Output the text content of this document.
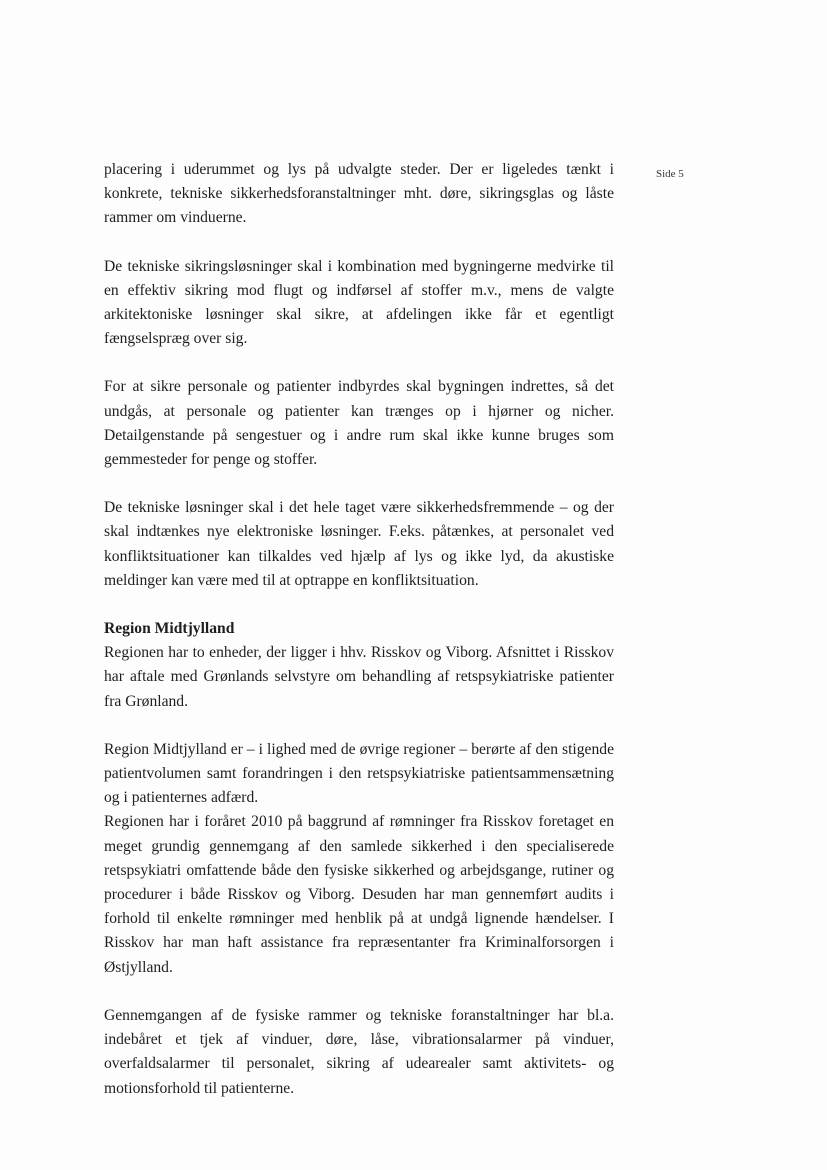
Side 5

placering i uderummet og lys på udvalgte steder. Der er ligeledes tænkt i konkrete, tekniske sikkerhedsforanstaltninger mht. døre, sikringsglas og låste rammer om vinduerne.

De tekniske sikringsløsninger skal i kombination med bygningerne medvirke til en effektiv sikring mod flugt og indførsel af stoffer m.v., mens de valgte arkitektoniske løsninger skal sikre, at afdelingen ikke får et egentligt fængselspræg over sig.

For at sikre personale og patienter indbyrdes skal bygningen indrettes, så det undgås, at personale og patienter kan trænges op i hjørner og nicher. Detailgenstande på sengestuer og i andre rum skal ikke kunne bruges som gemmesteder for penge og stoffer.

De tekniske løsninger skal i det hele taget være sikkerhedsfremmende – og der skal indtænkes nye elektroniske løsninger. F.eks. påtænkes, at personalet ved konfliktsituationer kan tilkaldes ved hjælp af lys og ikke lyd, da akustiske meldinger kan være med til at optrappe en konfliktsituation.

Region Midtjylland

Regionen har to enheder, der ligger i hhv. Risskov og Viborg. Afsnittet i Risskov har aftale med Grønlands selvstyre om behandling af retspsykiatriske patienter fra Grønland.

Region Midtjylland er – i lighed med de øvrige regioner – berørte af den stigende patientvolumen samt forandringen i den retspsykiatriske patientsammensætning og i patienternes adfærd.

Regionen har i foråret 2010 på baggrund af rømninger fra Risskov foretaget en meget grundig gennemgang af den samlede sikkerhed i den specialiserede retspsykiatri omfattende både den fysiske sikkerhed og arbejdsgange, rutiner og procedurer i både Risskov og Viborg. Desuden har man gennemført audits i forhold til enkelte rømninger med henblik på at undgå lignende hændelser. I Risskov har man haft assistance fra repræsentanter fra Kriminalforsorgen i Østjylland.

Gennemgangen af de fysiske rammer og tekniske foranstaltninger har bl.a. indebåret et tjek af vinduer, døre, låse, vibrationsalarmer på vinduer, overfaldsalarmer til personalet, sikring af udearealer samt aktivitets- og motionsforhold til patienterne.
